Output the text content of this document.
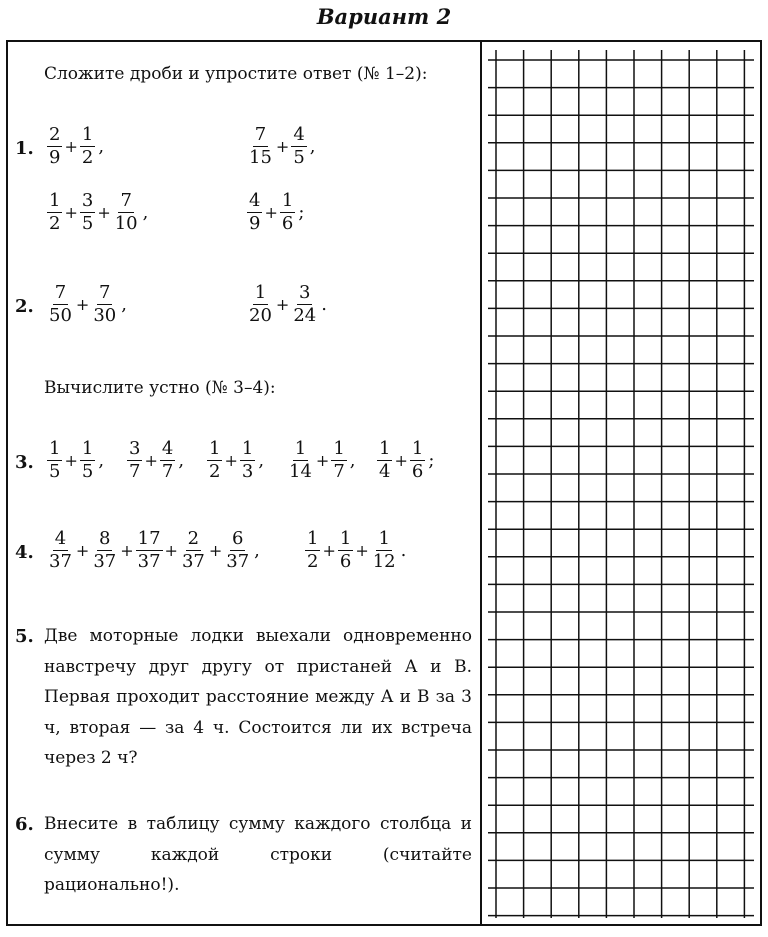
Вариант 2
Сложите дроби и упростите ответ (№ 1–2):
Вычислите устно (№ 3–4):
1.
2.
3.
4.
5.
6.
$\frac{2}{9} + \frac{1}{2}$ ,	$\frac{7}{15} + \frac{4}{5}$ ,
$\frac{1}{2} + \frac{3}{5} + \frac{7}{10}$ ,	$\frac{4}{9} + \frac{1}{6}$ ;
$\frac{7}{50} + \frac{7}{30}$ ,	$\frac{1}{20} + \frac{3}{24}$ .
$\frac{1}{5} + \frac{1}{5}$ , $\frac{3}{7} + \frac{4}{7}$ , $\frac{1}{2} + \frac{1}{3}$ , $\frac{1}{14} + \frac{1}{7}$ , $\frac{1}{4} + \frac{1}{6}$ ;
$\frac{4}{37} + \frac{8}{37} + \frac{17}{37} + \frac{2}{37} + \frac{6}{37}$ ,	$\frac{1}{2} + \frac{1}{6} + \frac{1}{12}$ .
Две моторные лодки выехали одновременно навстречу друг другу от пристаней А и В. Первая проходит расстояние между А и В за 3 ч, вторая — за 4 ч. Состоится ли их встреча через 2 ч?
Внесите в таблицу сумму каждого столбца и сумму каждой строки (считайте рационально!).
